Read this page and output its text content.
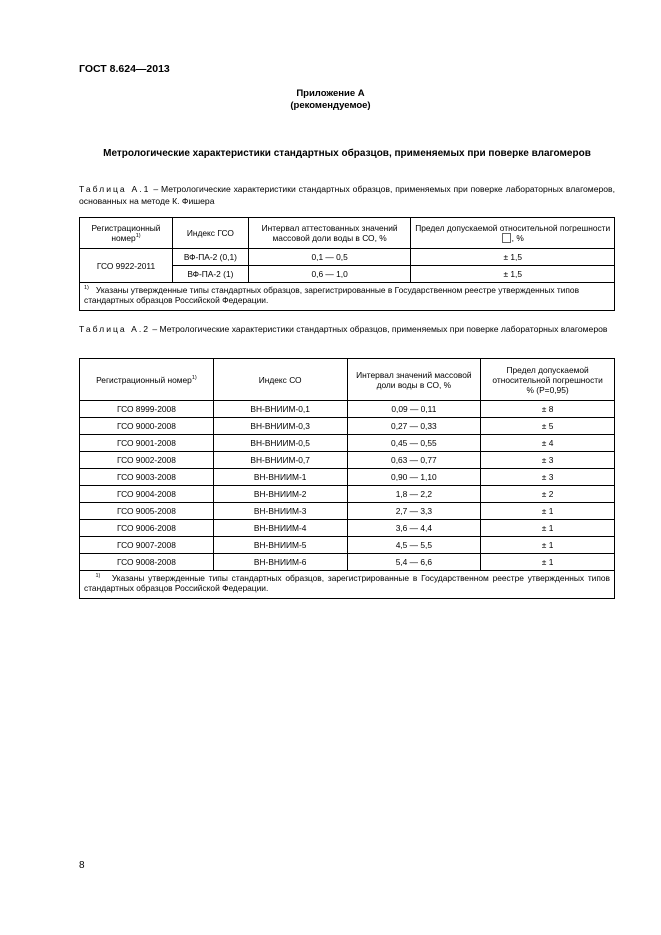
ГОСТ 8.624—2013
Приложение А
(рекомендуемое)
Метрологические характеристики стандартных образцов, применяемых при поверке влагомеров
Таблица А.1 – Метрологические характеристики стандартных образцов, применяемых при поверке лабораторных влагомеров, основанных на методе К. Фишера
Регистрационный номер$^{1)}$	Индекс ГСО	Интервал аттестованных значений массовой доли воды в СО, %	Предел допускаемой относительной погрешности , %
ГСО 9922-2011	ВФ-ПА-2 (0,1)	0,1 — 0,5	± 1,5
	ВФ-ПА-2 (1)	0,6 — 1,0	± 1,5
$^{1)}$ Указаны утвержденные типы стандартных образцов, зарегистрированные в Государственном реестре утвержденных типов стандартных образцов Российской Федерации.			
Таблица А.2 – Метрологические характеристики стандартных образцов, применяемых при поверке лабораторных влагомеров
Регистрационный номер$^{1)}$	Индекс СО	Интервал значений массовой доли воды в СО, %	Предел допускаемой относительной погрешности
% (Р=0,95)
ГСО 8999-2008	ВН-ВНИИМ-0,1	0,09 — 0,11	± 8
ГСО 9000-2008	ВН-ВНИИМ-0,3	0,27 — 0,33	± 5
ГСО 9001-2008	ВН-ВНИИМ-0,5	0,45 — 0,55	± 4
ГСО 9002-2008	ВН-ВНИИМ-0,7	0,63 — 0,77	± 3
ГСО 9003-2008	ВН-ВНИИМ-1	0,90 — 1,10	± 3
ГСО 9004-2008	ВН-ВНИИМ-2	1,8 — 2,2	± 2
ГСО 9005-2008	ВН-ВНИИМ-3	2,7 — 3,3	± 1
ГСО 9006-2008	ВН-ВНИИМ-4	3,6 — 4,4	± 1
ГСО 9007-2008	ВН-ВНИИМ-5	4,5 — 5,5	± 1
ГСО 9008-2008	ВН-ВНИИМ-6	5,4 — 6,6	± 1
$^{1)}$ Указаны утвержденные типы стандартных образцов, зарегистрированные в Государственном реестре утвержденных типов стандартных образцов Российской Федерации.			
8
